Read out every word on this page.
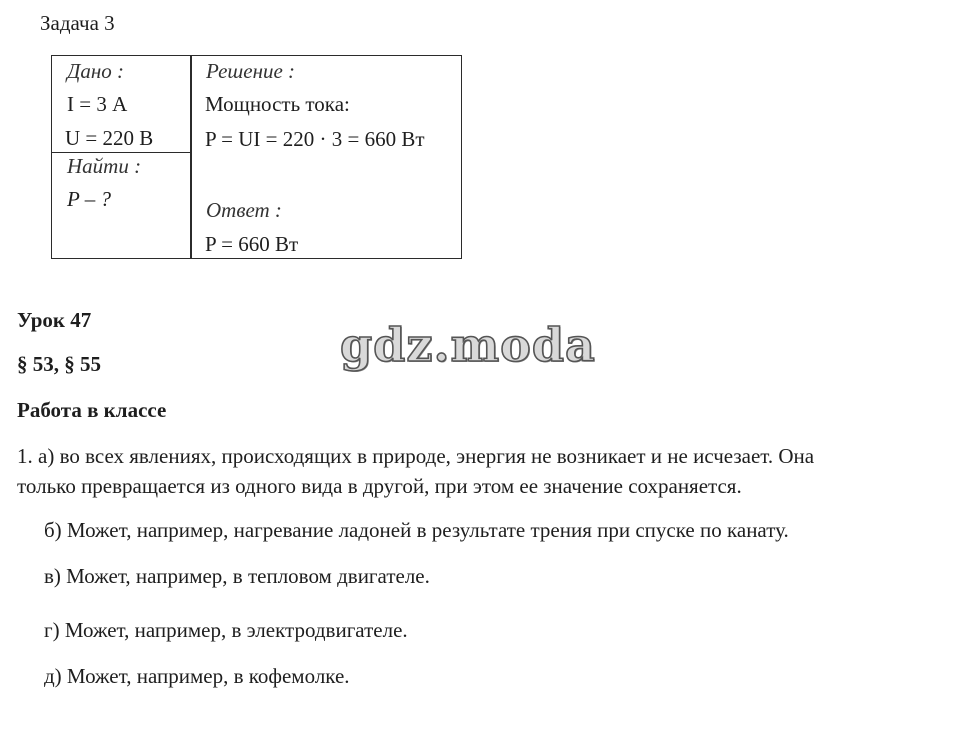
Задача 3
Дано :
I = 3 А
U = 220 В
Найти :
P – ?
Решение :
Мощность тока:
P = UI = 220 · 3 = 660 Вт
Ответ :
P = 660 Вт
Урок 47
§ 53, § 55
Работа в классе
gdz.moda
1. а) во всех явлениях, происходящих в природе, энергия не возникает и не исчезает. Она
только превращается из одного вида в другой, при этом ее значение сохраняется.
б) Может, например, нагревание ладоней в результате трения при спуске по канату.
в) Может, например, в тепловом двигателе.
г) Может, например, в электродвигателе.
д) Может, например, в кофемолке.
